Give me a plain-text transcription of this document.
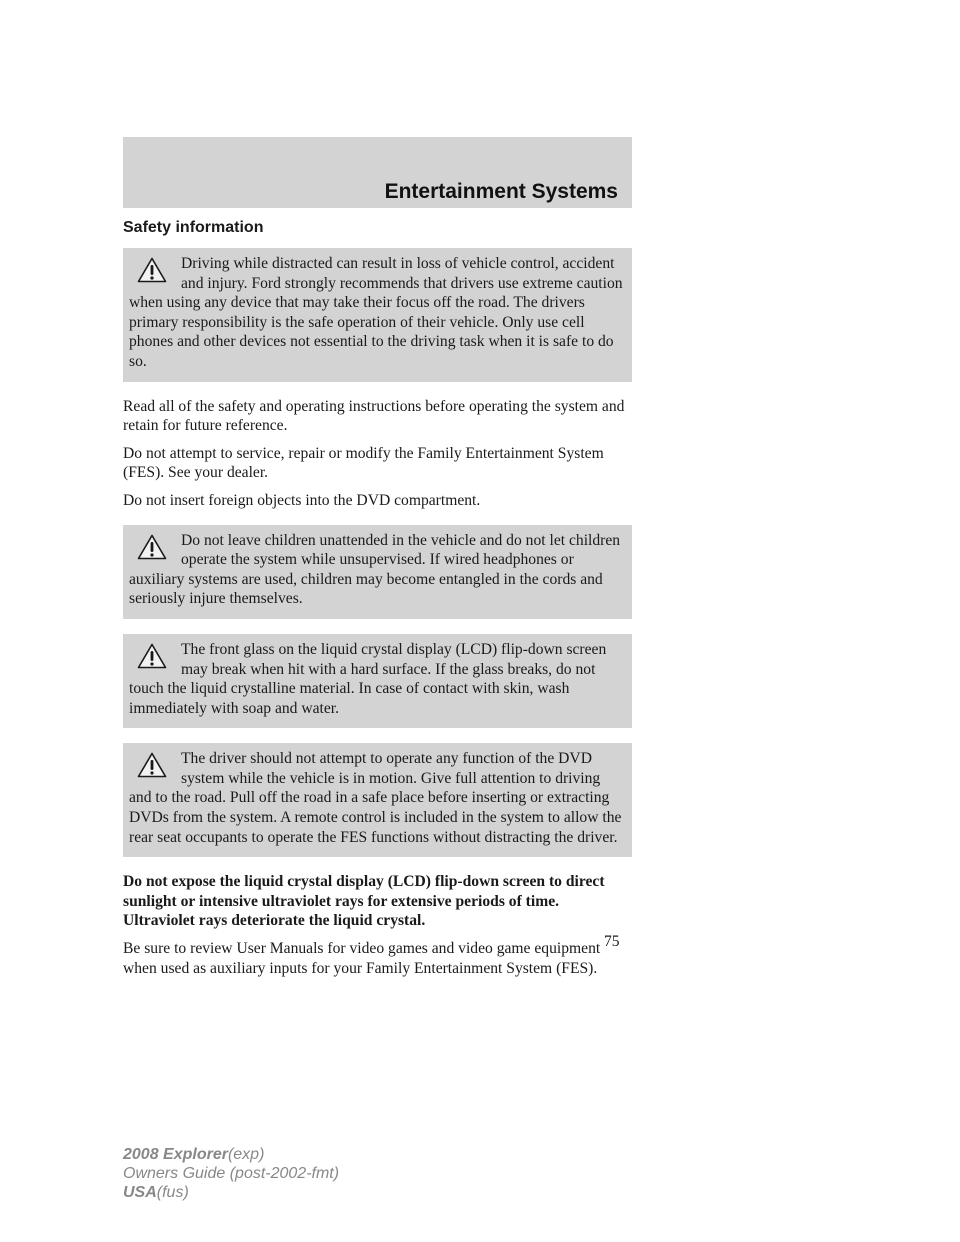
Entertainment Systems
Safety information
Driving while distracted can result in loss of vehicle control, accident and injury. Ford strongly recommends that drivers use extreme caution when using any device that may take their focus off the road. The drivers primary responsibility is the safe operation of their vehicle. Only use cell phones and other devices not essential to the driving task when it is safe to do so.

Read all of the safety and operating instructions before operating the system and retain for future reference.

Do not attempt to service, repair or modify the Family Entertainment System (FES). See your dealer.

Do not insert foreign objects into the DVD compartment.

Do not leave children unattended in the vehicle and do not let children operate the system while unsupervised. If wired headphones or auxiliary systems are used, children may become entangled in the cords and seriously injure themselves.
The front glass on the liquid crystal display (LCD) flip-down screen may break when hit with a hard surface. If the glass breaks, do not touch the liquid crystalline material. In case of contact with skin, wash immediately with soap and water.
The driver should not attempt to operate any function of the DVD system while the vehicle is in motion. Give full attention to driving and to the road. Pull off the road in a safe place before inserting or extracting DVDs from the system. A remote control is included in the system to allow the rear seat occupants to operate the FES functions without distracting the driver.

Do not expose the liquid crystal display (LCD) flip-down screen to direct sunlight or intensive ultraviolet rays for extensive periods of time. Ultraviolet rays deteriorate the liquid crystal.

Be sure to review User Manuals for video games and video game equipment when used as auxiliary inputs for your Family Entertainment System (FES).

75
2008 Explorer(exp)
Owners Guide (post-2002-fmt)
USA(fus)
